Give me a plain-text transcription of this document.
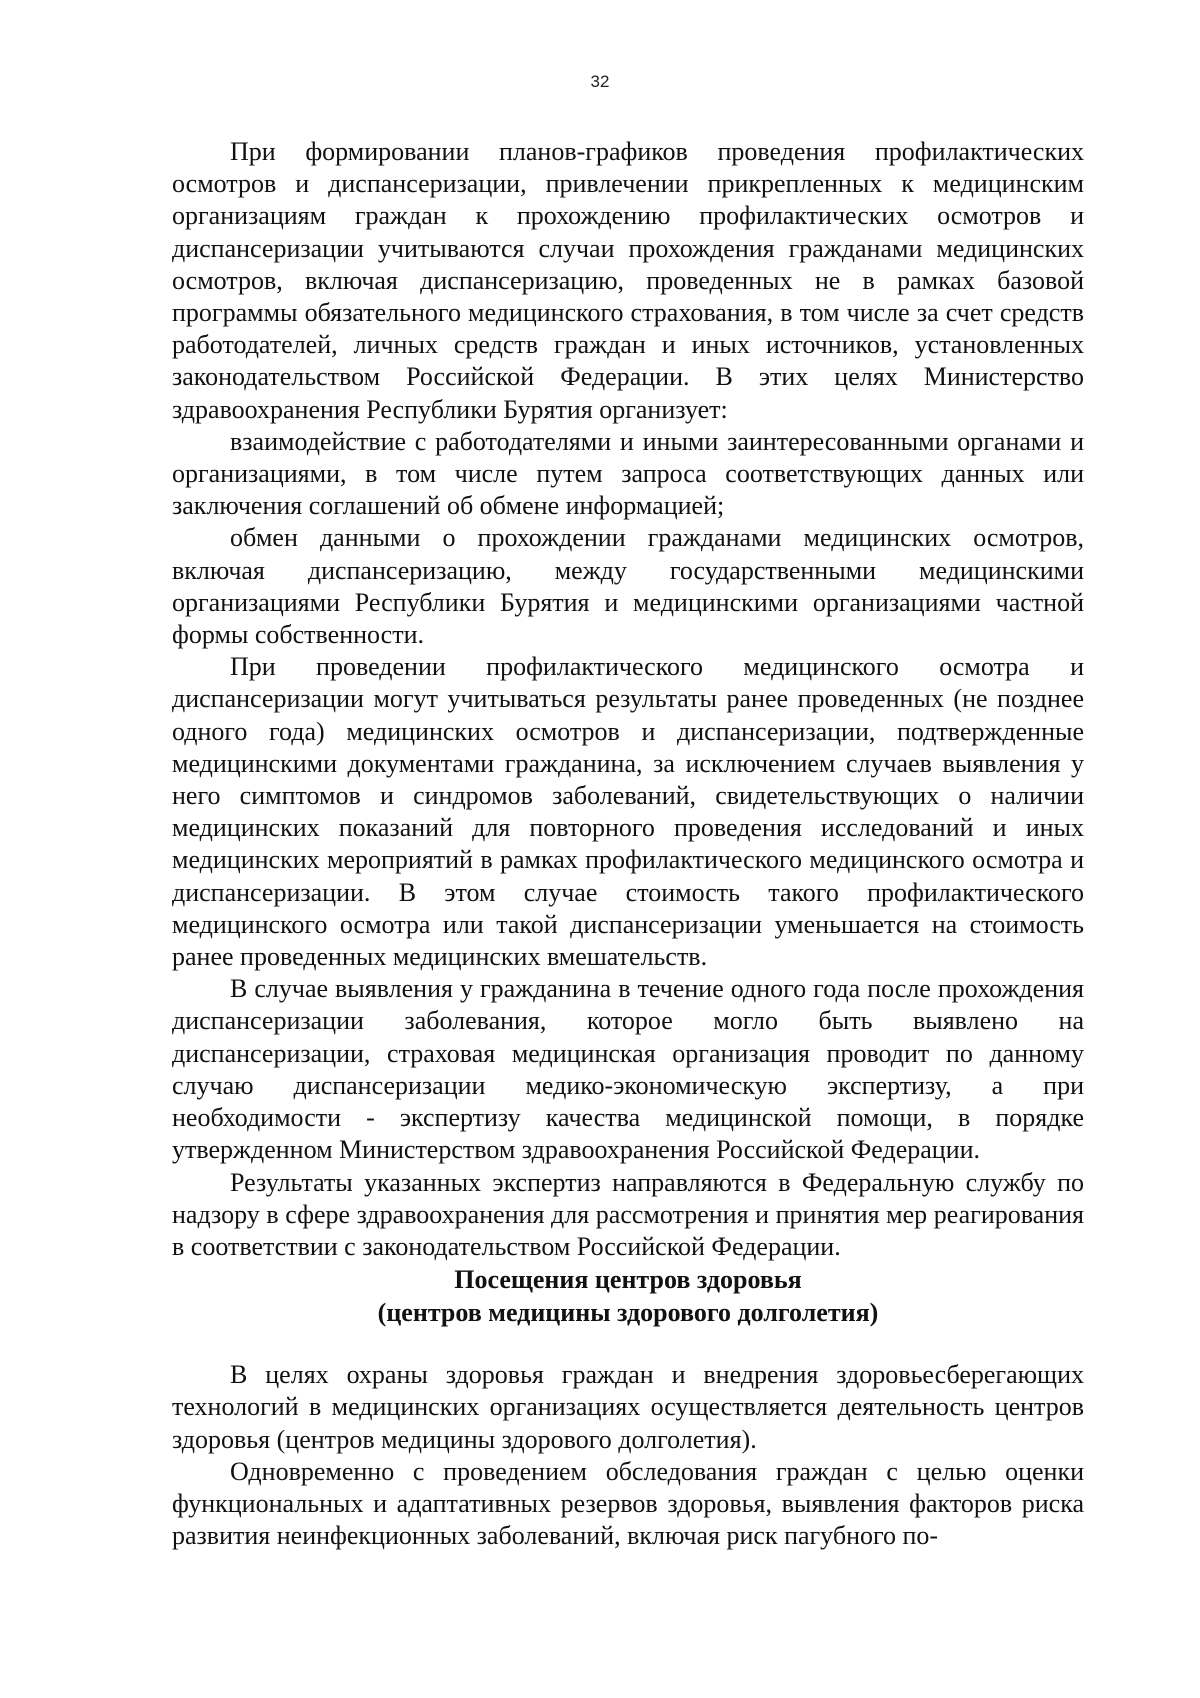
32

При формировании планов-графиков проведения профилактических осмотров и диспансеризации, привлечении прикрепленных к медицинским организациям граждан к прохождению профилактических осмотров и диспансеризации учитываются случаи прохождения гражданами медицинских осмотров, включая диспансеризацию, проведенных не в рамках базовой программы обязательного медицинского страхования, в том числе за счет средств работодателей, личных средств граждан и иных источников, установленных законодательством Российской Федерации. В этих целях Министерство здравоохранения Республики Бурятия организует:

взаимодействие с работодателями и иными заинтересованными органами и организациями, в том числе путем запроса соответствующих данных или заключения соглашений об обмене информацией;

обмен данными о прохождении гражданами медицинских осмотров, включая диспансеризацию, между государственными медицинскими организациями Республики Бурятия и медицинскими организациями частной формы собственности.

При проведении профилактического медицинского осмотра и диспансеризации могут учитываться результаты ранее проведенных (не позднее одного года) медицинских осмотров и диспансеризации, подтвержденные медицинскими документами гражданина, за исключением случаев выявления у него симптомов и синдромов заболеваний, свидетельствующих о наличии медицинских показаний для повторного проведения исследований и иных медицинских мероприятий в рамках профилактического медицинского осмотра и диспансеризации. В этом случае стоимость такого профилактического медицинского осмотра или такой диспансеризации уменьшается на стоимость ранее проведенных медицинских вмешательств.

В случае выявления у гражданина в течение одного года после прохождения диспансеризации заболевания, которое могло быть выявлено на диспансеризации, страховая медицинская организация проводит по данному случаю диспансеризации медико-экономическую экспертизу, а при необходимости - экспертизу качества медицинской помощи, в порядке утвержденном Министерством здравоохранения Российской Федерации.

Результаты указанных экспертиз направляются в Федеральную службу по надзору в сфере здравоохранения для рассмотрения и принятия мер реагирования в соответствии с законодательством Российской Федерации.

Посещения центров здоровья

(центров медицины здорового долголетия)

В целях охраны здоровья граждан и внедрения здоровьесберегающих технологий в медицинских организациях осуществляется деятельность центров здоровья (центров медицины здорового долголетия).

Одновременно с проведением обследования граждан с целью оценки функциональных и адаптативных резервов здоровья, выявления факторов риска развития неинфекционных заболеваний, включая риск пагубного по-
